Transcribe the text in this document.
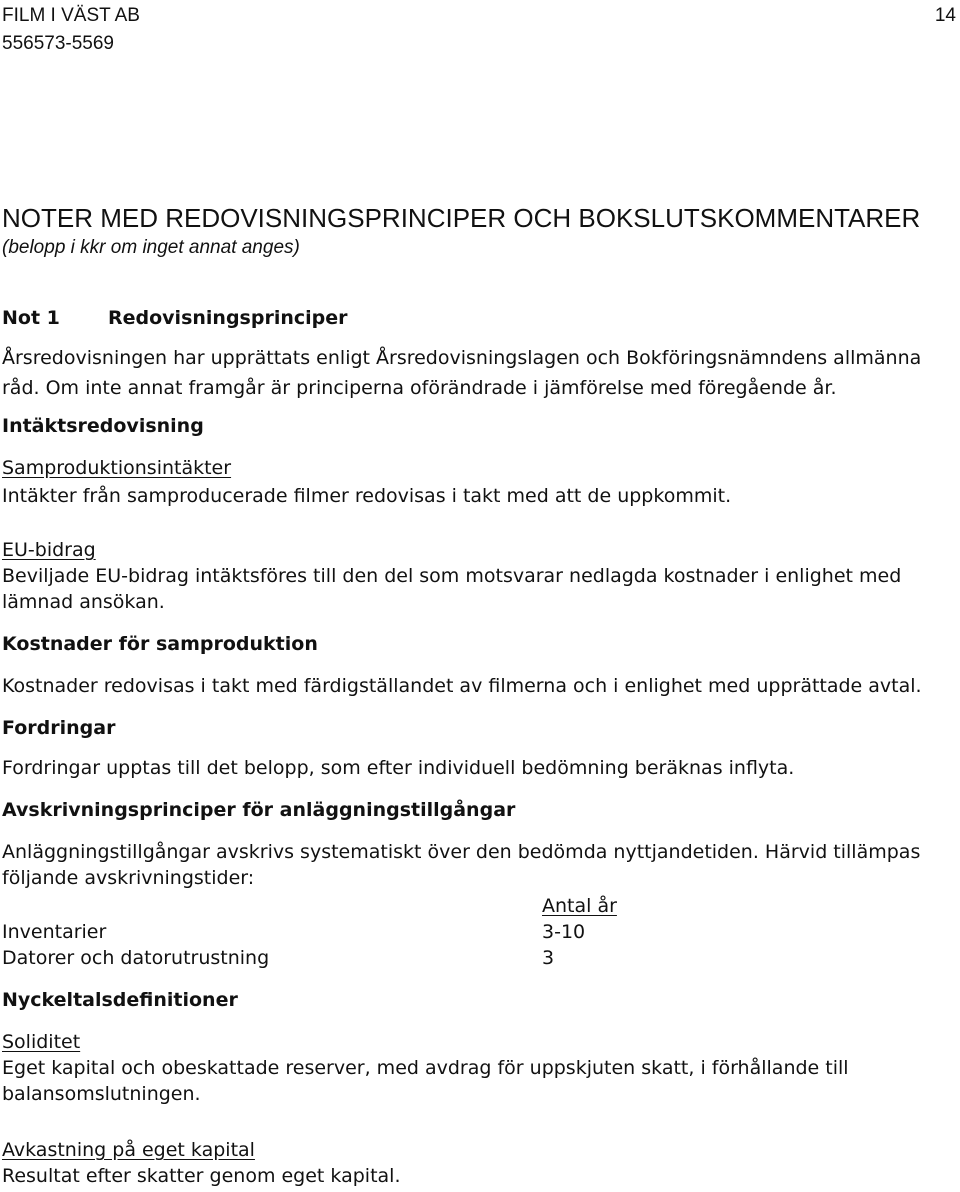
FILM I VÄST AB
556573-5569
14
NOTER MED REDOVISNINGSPRINCIPER OCH BOKSLUTSKOMMENTARER
(belopp i kkr om inget annat anges)
Not 1	Redovisningsprinciper
Årsredovisningen har upprättats enligt Årsredovisningslagen och Bokföringsnämndens allmänna
råd. Om inte annat framgår är principerna oförändrade i jämförelse med föregående år.
Intäktsredovisning
Samproduktionsintäkter
Intäkter från samproducerade filmer redovisas i takt med att de uppkommit.
EU-bidrag
Beviljade EU-bidrag intäktsföres till den del som motsvarar nedlagda kostnader i enlighet med
lämnad ansökan.
Kostnader för samproduktion
Kostnader redovisas i takt med färdigställandet av filmerna och i enlighet med upprättade avtal.
Fordringar
Fordringar upptas till det belopp, som efter individuell bedömning beräknas inflyta.
Avskrivningsprinciper för anläggningstillgångar
Anläggningstillgångar avskrivs systematiskt över den bedömda nyttjandetiden. Härvid tillämpas
följande avskrivningstider:
Antal år
Inventarier	3-10
Datorer och datorutrustning	3
Nyckeltalsdefinitioner
Soliditet
Eget kapital och obeskattade reserver, med avdrag för uppskjuten skatt, i förhållande till
balansomslutningen.
Avkastning på eget kapital
Resultat efter skatter genom eget kapital.
